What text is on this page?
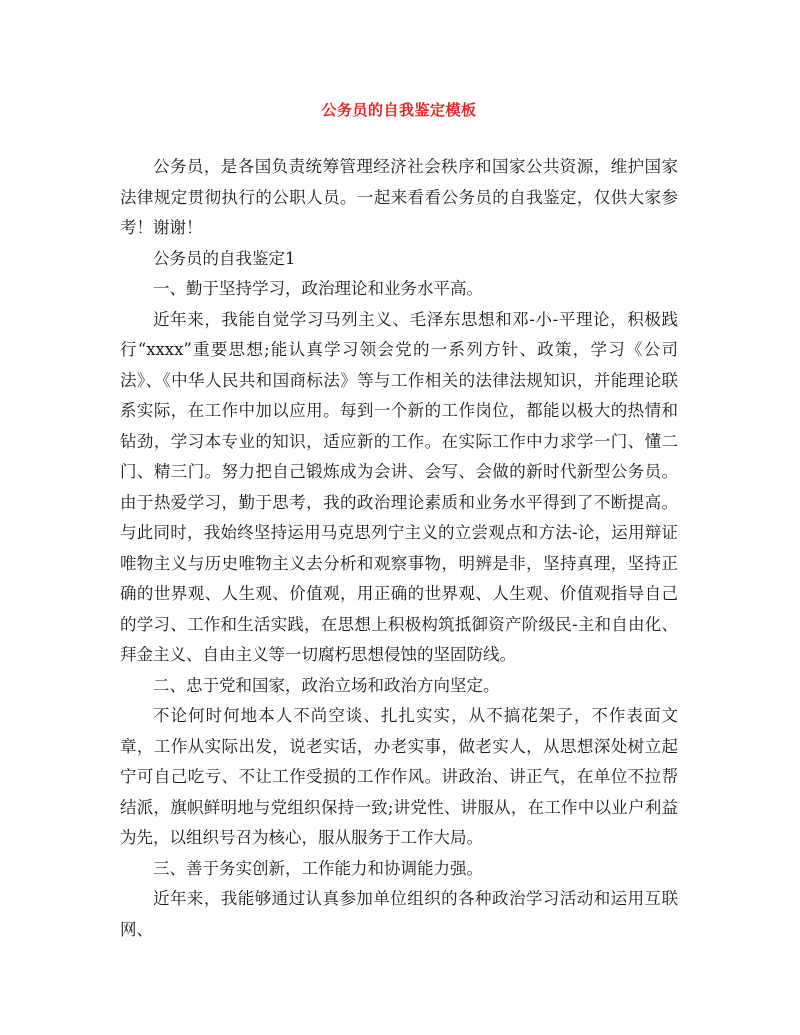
公务员的自我鉴定模板

公务员，是各国负责统筹管理经济社会秩序和国家公共资源，维护国家法律规定贯彻执行的公职人员。一起来看看公务员的自我鉴定，仅供大家参考！谢谢！

公务员的自我鉴定1

一、勤于坚持学习，政治理论和业务水平高。

近年来，我能自觉学习马列主义、毛泽东思想和邓-小-平理论，积极践行“xxxx”重要思想;能认真学习领会党的一系列方针、政策，学习《公司法》、《中华人民共和国商标法》等与工作相关的法律法规知识，并能理论联系实际，在工作中加以应用。每到一个新的工作岗位，都能以极大的热情和钻劲，学习本专业的知识，适应新的工作。在实际工作中力求学一门、懂二门、精三门。努力把自己锻炼成为会讲、会写、会做的新时代新型公务员。由于热爱学习，勤于思考，我的政治理论素质和业务水平得到了不断提高。与此同时，我始终坚持运用马克思列宁主义的立尝观点和方法-论，运用辩证唯物主义与历史唯物主义去分析和观察事物，明辨是非，坚持真理，坚持正确的世界观、人生观、价值观，用正确的世界观、人生观、价值观指导自己的学习、工作和生活实践，在思想上积极构筑抵御资产阶级民-主和自由化、拜金主义、自由主义等一切腐朽思想侵蚀的坚固防线。

二、忠于党和国家，政治立场和政治方向坚定。

不论何时何地本人不尚空谈、扎扎实实，从不搞花架子，不作表面文章，工作从实际出发，说老实话，办老实事，做老实人，从思想深处树立起宁可自己吃亏、不让工作受损的工作作风。讲政治、讲正气，在单位不拉帮结派，旗帜鲜明地与党组织保持一致;讲党性、讲服从，在工作中以业户利益为先，以组织号召为核心，服从服务于工作大局。

三、善于务实创新，工作能力和协调能力强。

近年来，我能够通过认真参加单位组织的各种政治学习活动和运用互联网、
